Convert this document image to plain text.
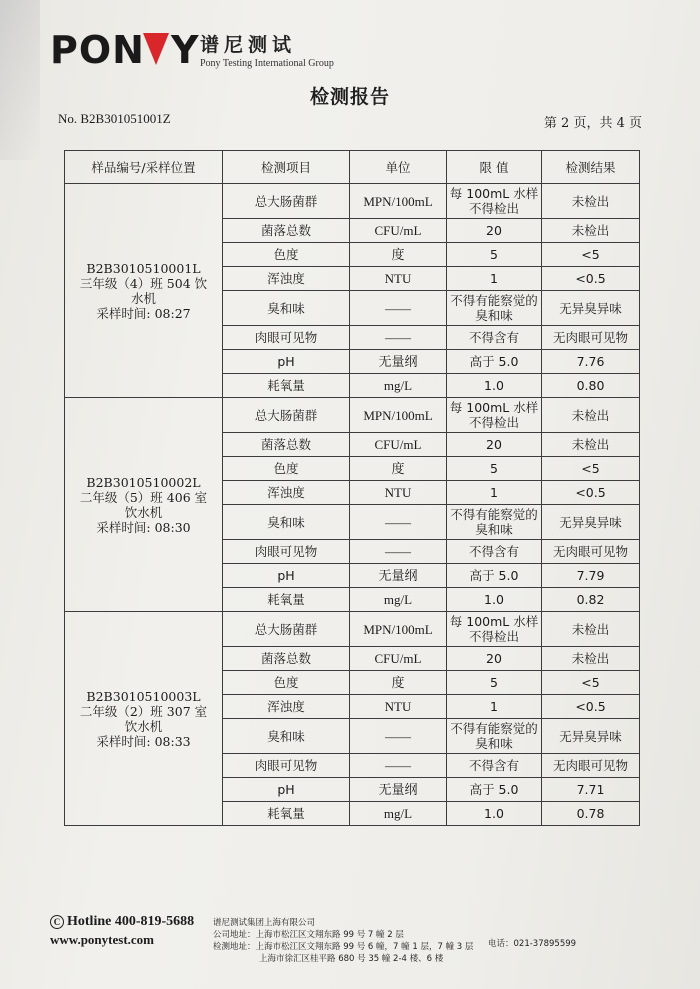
P O N Y 谱尼测试
Pony Testing International Group
检测报告
No. B2B301051001Z	第 2 页，共 4 页
样品编号/采样位置	检测项目	单位	限 值	检测结果

B2B3010510001L
三年级（4）班 504 饮
水机
采样时间: 08:27	总大肠菌群	MPN/100mL	每 100mL 水样不得检出	未检出
	菌落总数	CFU/mL	20	未检出
	色度	度	5	<5
	浑浊度	NTU	1	<0.5
	臭和味	——	不得有能察觉的臭和味	无异臭异味
	肉眼可见物	——	不得含有	无肉眼可见物
	pH	无量纲	高于 5.0	7.76
	耗氧量	mg/L	1.0	0.80

B2B3010510002L
二年级（5）班 406 室
饮水机
采样时间: 08:30	总大肠菌群	MPN/100mL	每 100mL 水样不得检出	未检出
	菌落总数	CFU/mL	20	未检出
	色度	度	5	<5
	浑浊度	NTU	1	<0.5
	臭和味	——	不得有能察觉的臭和味	无异臭异味
	肉眼可见物	——	不得含有	无肉眼可见物
	pH	无量纲	高于 5.0	7.79
	耗氧量	mg/L	1.0	0.82

B2B3010510003L
二年级（2）班 307 室
饮水机
采样时间: 08:33	总大肠菌群	MPN/100mL	每 100mL 水样不得检出	未检出
	菌落总数	CFU/mL	20	未检出
	色度	度	5	<5
	浑浊度	NTU	1	<0.5
	臭和味	——	不得有能察觉的臭和味	无异臭异味
	肉眼可见物	——	不得含有	无肉眼可见物
	pH	无量纲	高于 5.0	7.71
	耗氧量	mg/L	1.0	0.78
C Hotline 400-819-5688
www.ponytest.com
谱尼测试集团上海有限公司
公司地址：上海市松江区文翔东路 99 号 7 幢 2 层
检测地址：上海市松江区文翔东路 99 号 6 幢，7 幢 1 层，7 幢 3 层
上海市徐汇区桂平路 680 号 35 幢 2-4 楼、6 楼
电话：021-37895599
